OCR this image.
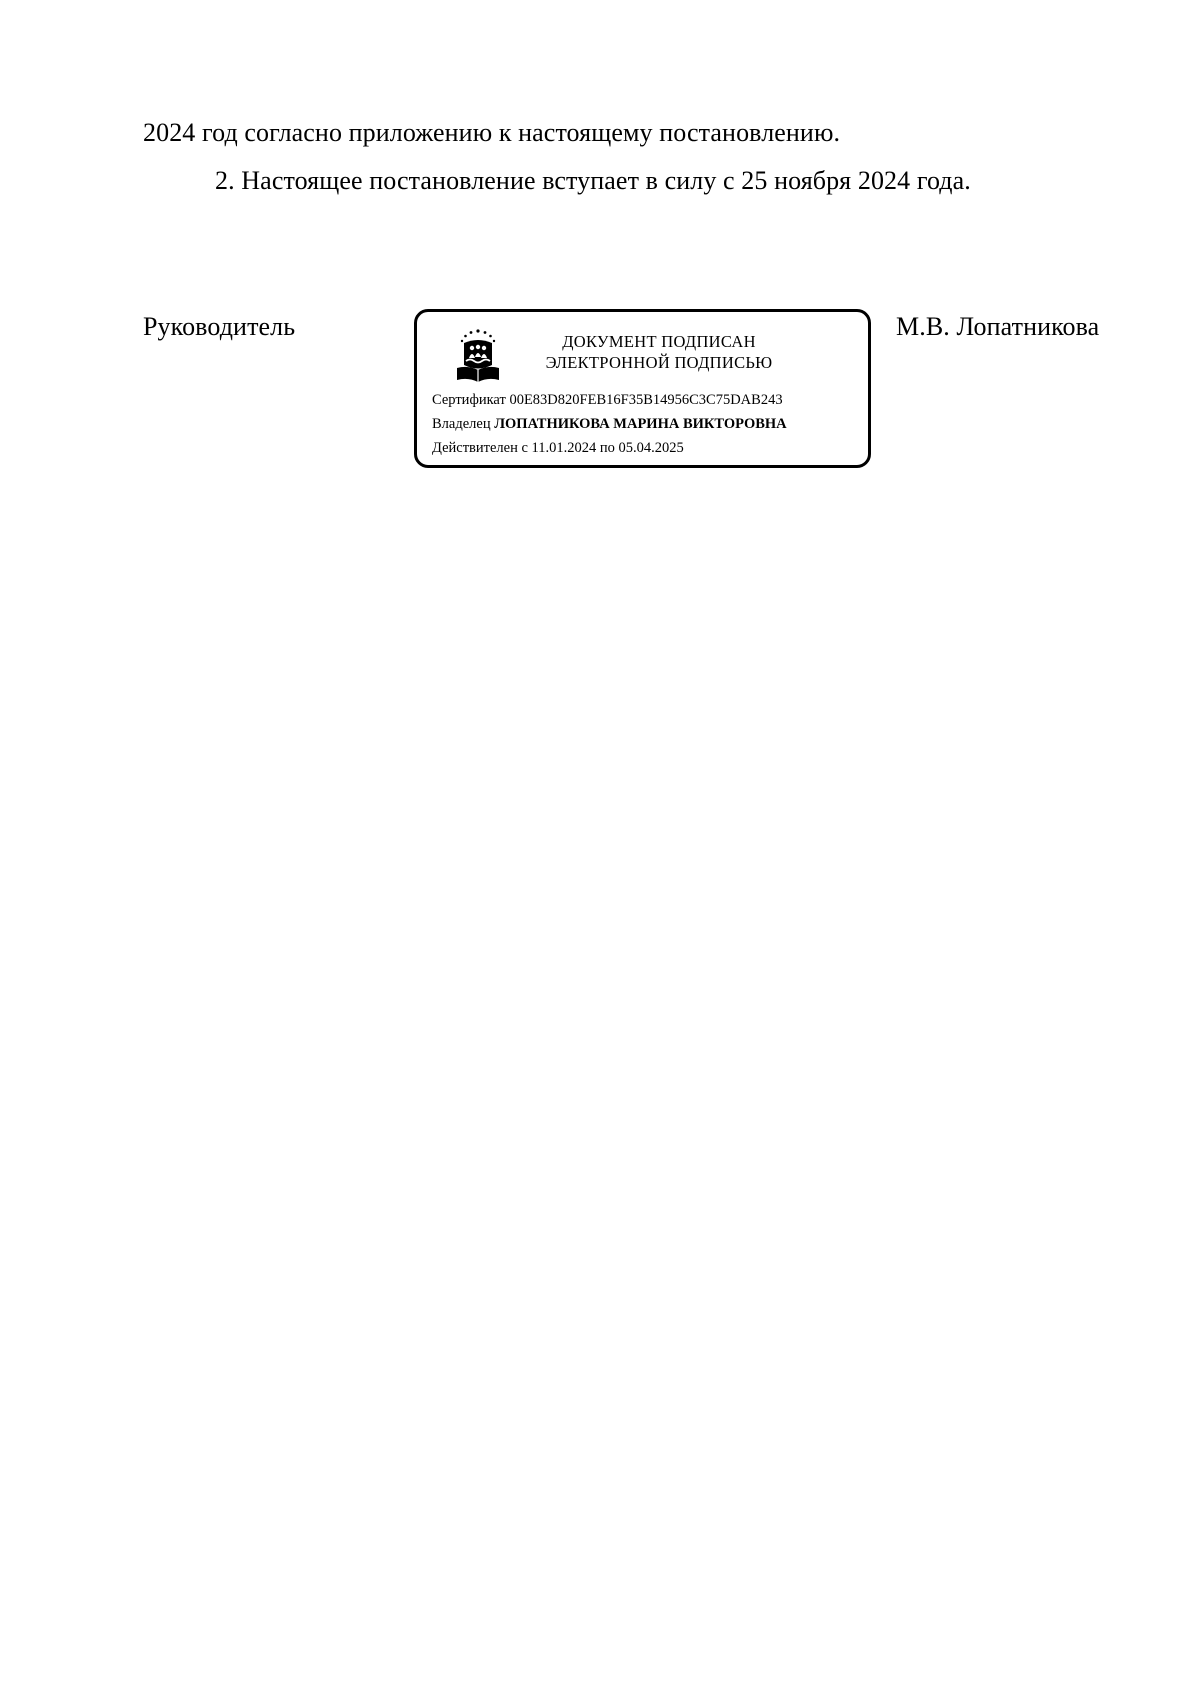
2024 год согласно приложению к настоящему постановлению.
2. Настоящее постановление вступает в силу с 25 ноября 2024 года.
Руководитель
ДОКУМЕНТ ПОДПИСАН
ЭЛЕКТРОННОЙ ПОДПИСЬЮ
Сертификат 00E83D820FEB16F35B14956C3C75DAB243
Владелец ЛОПАТНИКОВА МАРИНА ВИКТОРОВНА
Действителен с 11.01.2024 по 05.04.2025
М.В. Лопатникова
